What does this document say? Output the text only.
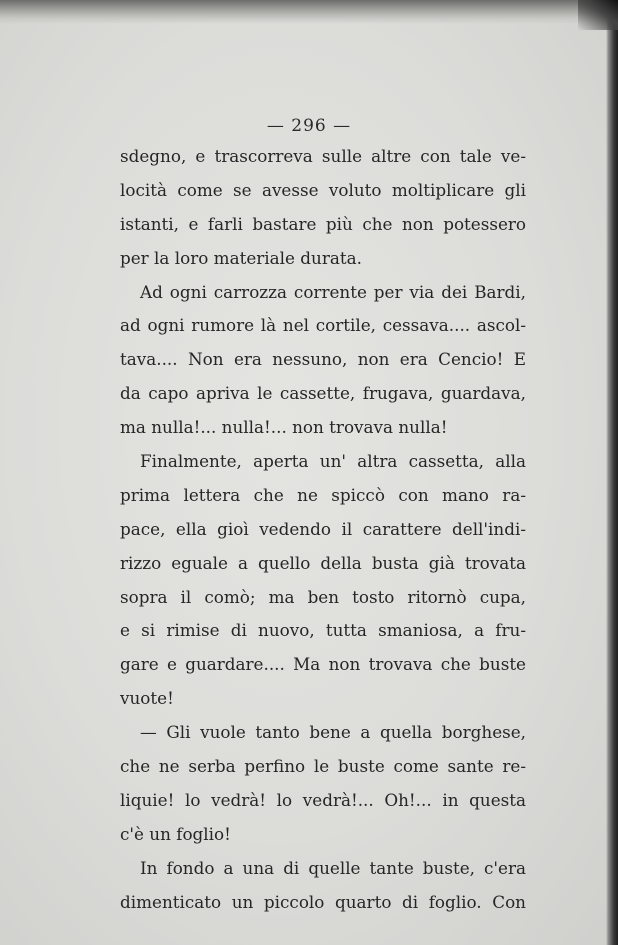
— 296 —
sdegno, e trascorreva sulle altre con tale ve-
locità come se avesse voluto moltiplicare gli
istanti, e farli bastare più che non potessero
per la loro materiale durata.
Ad ogni carrozza corrente per via dei Bardi,
ad ogni rumore là nel cortile, cessava.... ascol-
tava.... Non era nessuno, non era Cencio! E
da capo apriva le cassette, frugava, guardava,
ma nulla!... nulla!... non trovava nulla!
Finalmente, aperta un' altra cassetta, alla
prima lettera che ne spiccò con mano ra-
pace, ella gioì vedendo il carattere dell'indi-
rizzo eguale a quello della busta già trovata
sopra il comò; ma ben tosto ritornò cupa,
e si rimise di nuovo, tutta smaniosa, a fru-
gare e guardare.... Ma non trovava che buste
vuote!
— Gli vuole tanto bene a quella borghese,
che ne serba perfino le buste come sante re-
liquie! lo vedrà! lo vedrà!... Oh!... in questa
c'è un foglio!
In fondo a una di quelle tante buste, c'era
dimenticato un piccolo quarto di foglio. Con
